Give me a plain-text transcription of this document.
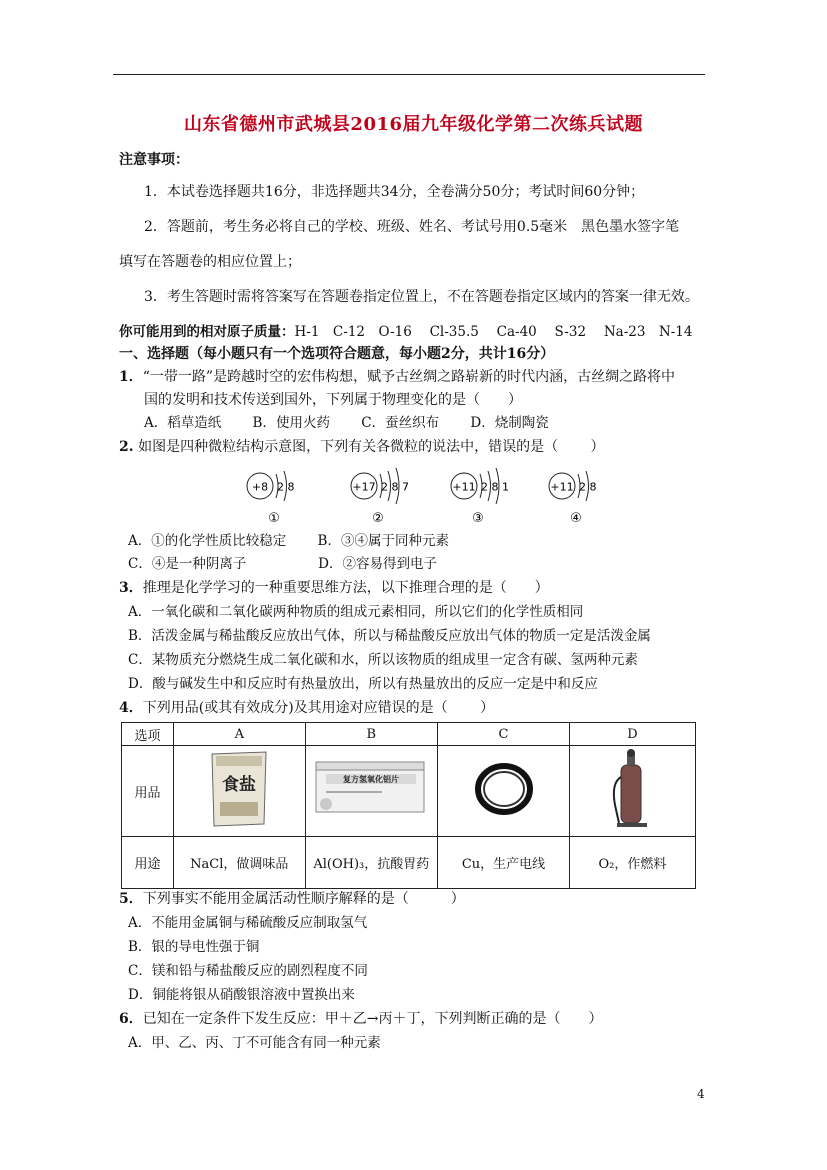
山东省德州市武城县2016届九年级化学第二次练兵试题
注意事项：
1．本试卷选择题共16分，非选择题共34分，全卷满分50分；考试时间60分钟；
2．答题前，考生务必将自己的学校、班级、姓名、考试号用0.5毫米　黑色墨水签字笔
填写在答题卷的相应位置上；
3．考生答题时需将答案写在答题卷指定位置上，不在答题卷指定区域内的答案一律无效。
你可能用到的相对原子质量：H-1　C-12　O-16　 Cl-35.5　 Ca-40　 S-32　 Na-23　N-14
一、选择题（每小题只有一个选项符合题意，每小题2分，共计16分）
1．“一带一路”是跨越时空的宏伟构想，赋予古丝绸之路崭新的时代内涵，古丝绸之路将中
国的发明和技术传送到国外，下列属于物理变化的是（　　）
A．稻草造纸　　 B．使用火药　　 C．蚕丝织布　　 D．烧制陶瓷
2. 如图是四种微粒结构示意图，下列有关各微粒的说法中，错误的是（　　 ）
+8 2 8
①
+17 2 8 7
②
+11 2 8 1
③
+11 2 8
④
A．①的化学性质比较稳定　　 B．③④属于同种元素
C．④是一种阴离子　　　　　 D．②容易得到电子
3．推理是化学学习的一种重要思维方法，以下推理合理的是（　　）
A．一氧化碳和二氧化碳两种物质的组成元素相同，所以它们的化学性质相同
B．活泼金属与稀盐酸反应放出气体，所以与稀盐酸反应放出气体的物质一定是活泼金属
C．某物质充分燃烧生成二氧化碳和水，所以该物质的组成里一定含有碳、氢两种元素
D．酸与碱发生中和反应时有热量放出，所以有热量放出的反应一定是中和反应
4．下列用品(或其有效成分)及其用途对应错误的是（　　 ）
选项	A	B	C	D
用品	食盐	复方氢氧化铝片

用途	NaCl，做调味品	Al(OH)₃，抗酸胃药	Cu，生产电线	O₂，作燃料
5．下列事实不能用金属活动性顺序解释的是（　　　）
A．不能用金属铜与稀硫酸反应制取氢气
B．银的导电性强于铜
C．镁和铅与稀盐酸反应的剧烈程度不同
D．铜能将银从硝酸银溶液中置换出来
6．已知在一定条件下发生反应：甲＋乙→丙＋丁，下列判断正确的是（　　）
A．甲、乙、丙、丁不可能含有同一种元素
4
